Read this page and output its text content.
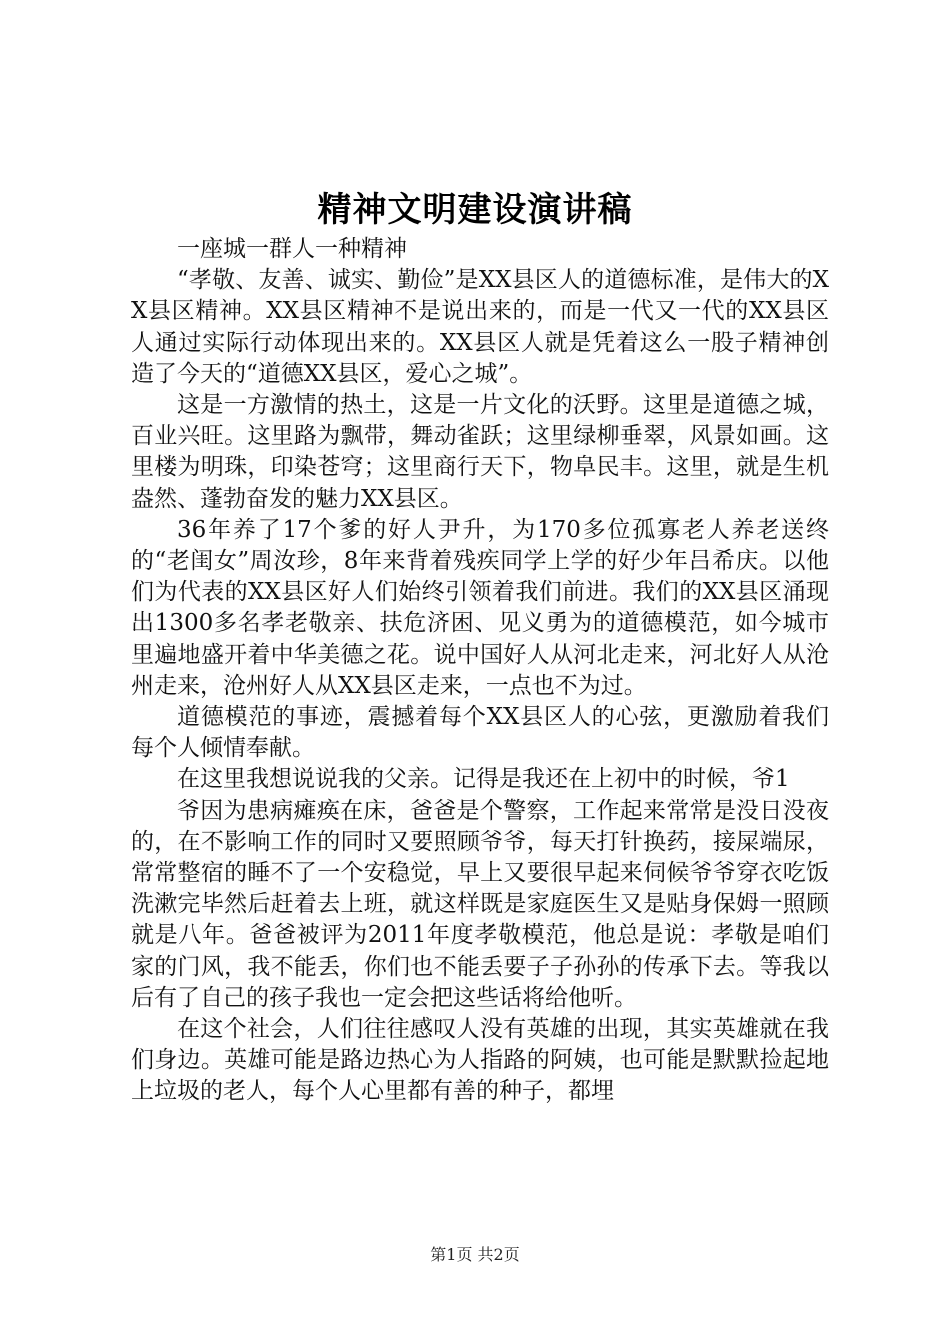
精神文明建设演讲稿

一座城一群人一种精神

“孝敬、友善、诚实、勤俭”是XX县区人的道德标准，是伟大的XX县区精神。XX县区精神不是说出来的，而是一代又一代的XX县区人通过实际行动体现出来的。XX县区人就是凭着这么一股子精神创造了今天的“道德XX县区，爱心之城”。

这是一方激情的热土，这是一片文化的沃野。这里是道德之城，百业兴旺。这里路为飘带，舞动雀跃；这里绿柳垂翠，风景如画。这里楼为明珠，印染苍穹；这里商行天下，物阜民丰。这里，就是生机盎然、蓬勃奋发的魅力XX县区。

36年养了17个爹的好人尹升，为170多位孤寡老人养老送终的“老闺女”周汝珍，8年来背着残疾同学上学的好少年吕希庆。以他们为代表的XX县区好人们始终引领着我们前进。我们的XX县区涌现出1300多名孝老敬亲、扶危济困、见义勇为的道德模范，如今城市里遍地盛开着中华美德之花。说中国好人从河北走来，河北好人从沧州走来，沧州好人从XX县区走来，一点也不为过。

道德模范的事迹，震撼着每个XX县区人的心弦，更激励着我们每个人倾情奉献。

在这里我想说说我的父亲。记得是我还在上初中的时候，爷1

爷因为患病瘫痪在床，爸爸是个警察，工作起来常常是没日没夜的，在不影响工作的同时又要照顾爷爷，每天打针换药，接屎端尿，常常整宿的睡不了一个安稳觉，早上又要很早起来伺候爷爷穿衣吃饭洗漱完毕然后赶着去上班，就这样既是家庭医生又是贴身保姆一照顾就是八年。爸爸被评为2011年度孝敬模范，他总是说：孝敬是咱们家的门风，我不能丢，你们也不能丢要子子孙孙的传承下去。等我以后有了自己的孩子我也一定会把这些话将给他听。

在这个社会，人们往往感叹人没有英雄的出现，其实英雄就在我们身边。英雄可能是路边热心为人指路的阿姨，也可能是默默捡起地上垃圾的老人，每个人心里都有善的种子，都埋

第1页 共2页
